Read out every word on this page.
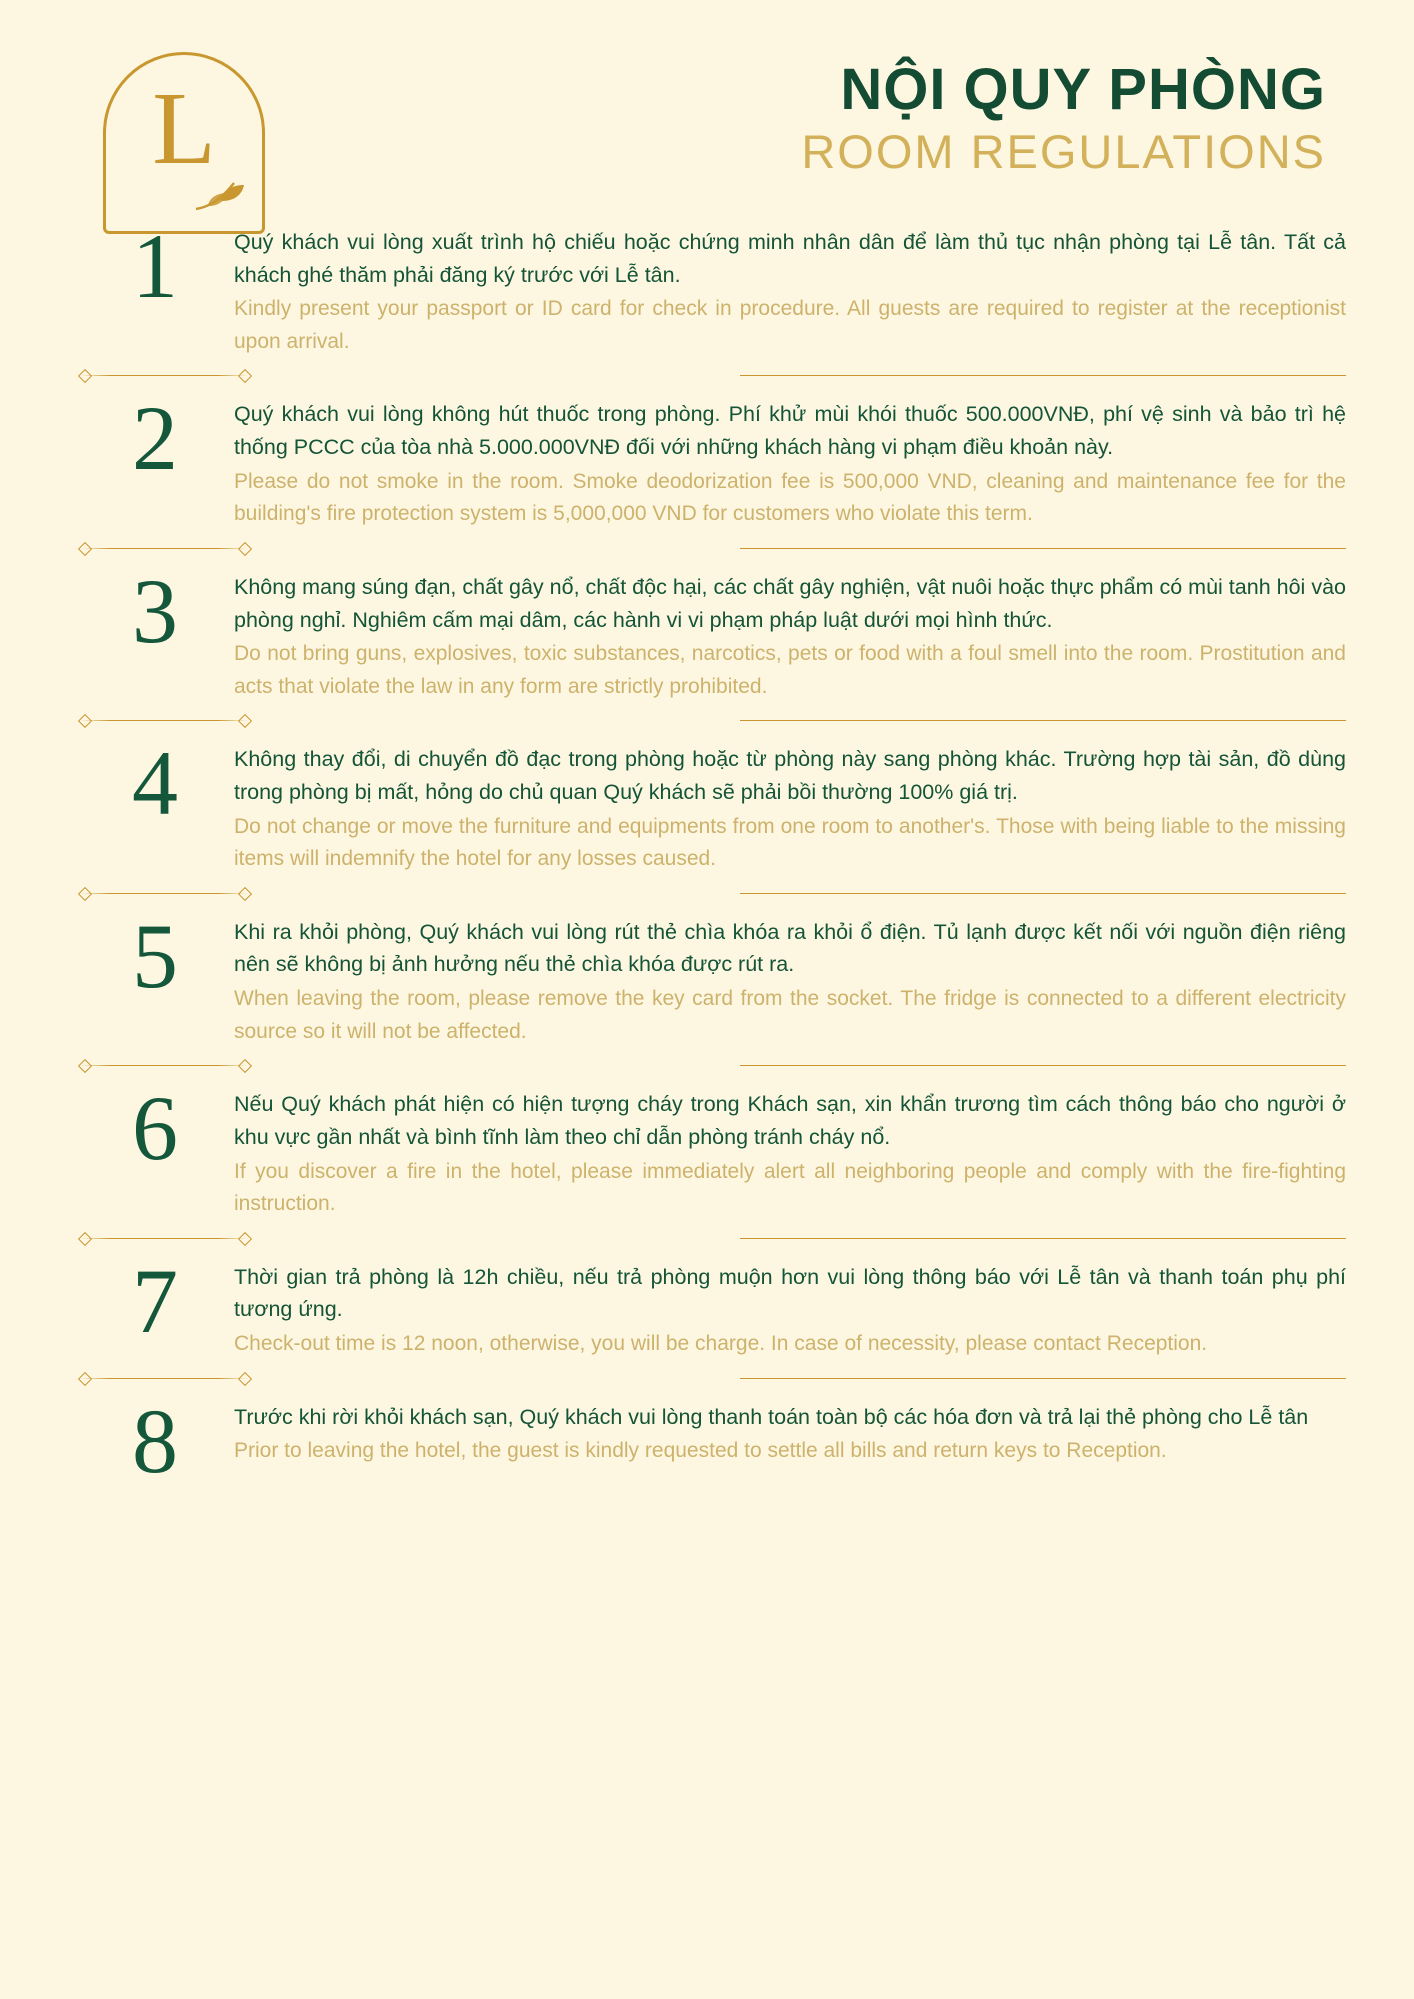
L	NỘI QUY PHÒNG
ROOM REGULATIONS
1	Quý khách vui lòng xuất trình hộ chiếu hoặc chứng minh nhân dân để làm thủ tục nhận phòng tại Lễ tân. Tất cả khách ghé thăm phải đăng ký trước với Lễ tân.

Kindly present your passport or ID card for check in procedure. All guests are required to register at the receptionist upon arrival.

2	Quý khách vui lòng không hút thuốc trong phòng. Phí khử mùi khói thuốc 500.000VNĐ, phí vệ sinh và bảo trì hệ thống PCCC của tòa nhà 5.000.000VNĐ đối với những khách hàng vi phạm điều khoản này.

Please do not smoke in the room. Smoke deodorization fee is 500,000 VND, cleaning and maintenance fee for the building's fire protection system is 5,000,000 VND for customers who violate this term.

3	Không mang súng đạn, chất gây nổ, chất độc hại, các chất gây nghiện, vật nuôi hoặc thực phẩm có mùi tanh hôi vào phòng nghỉ. Nghiêm cấm mại dâm, các hành vi vi phạm pháp luật dưới mọi hình thức.

Do not bring guns, explosives, toxic substances, narcotics, pets or food with a foul smell into the room. Prostitution and acts that violate the law in any form are strictly prohibited.

4	Không thay đổi, di chuyển đồ đạc trong phòng hoặc từ phòng này sang phòng khác. Trường hợp tài sản, đồ dùng trong phòng bị mất, hỏng do chủ quan Quý khách sẽ phải bồi thường 100% giá trị.

Do not change or move the furniture and equipments from one room to another's. Those with being liable to the missing items will indemnify the hotel for any losses caused.

5	Khi ra khỏi phòng, Quý khách vui lòng rút thẻ chìa khóa ra khỏi ổ điện. Tủ lạnh được kết nối với nguồn điện riêng nên sẽ không bị ảnh hưởng nếu thẻ chìa khóa được rút ra.

When leaving the room, please remove the key card from the socket. The fridge is connected to a different electricity source so it will not be affected.

6	Nếu Quý khách phát hiện có hiện tượng cháy trong Khách sạn, xin khẩn trương tìm cách thông báo cho người ở khu vực gần nhất và bình tĩnh làm theo chỉ dẫn phòng tránh cháy nổ.

If you discover a fire in the hotel, please immediately alert all neighboring people and comply with the fire-fighting instruction.

7	Thời gian trả phòng là 12h chiều, nếu trả phòng muộn hơn vui lòng thông báo với Lễ tân và thanh toán phụ phí tương ứng.

Check-out time is 12 noon, otherwise, you will be charge. In case of necessity, please contact Reception.

8	Trước khi rời khỏi khách sạn, Quý khách vui lòng thanh toán toàn bộ các hóa đơn và trả lại thẻ phòng cho Lễ tân

Prior to leaving the hotel, the guest is kindly requested to settle all bills and return keys to Reception.
